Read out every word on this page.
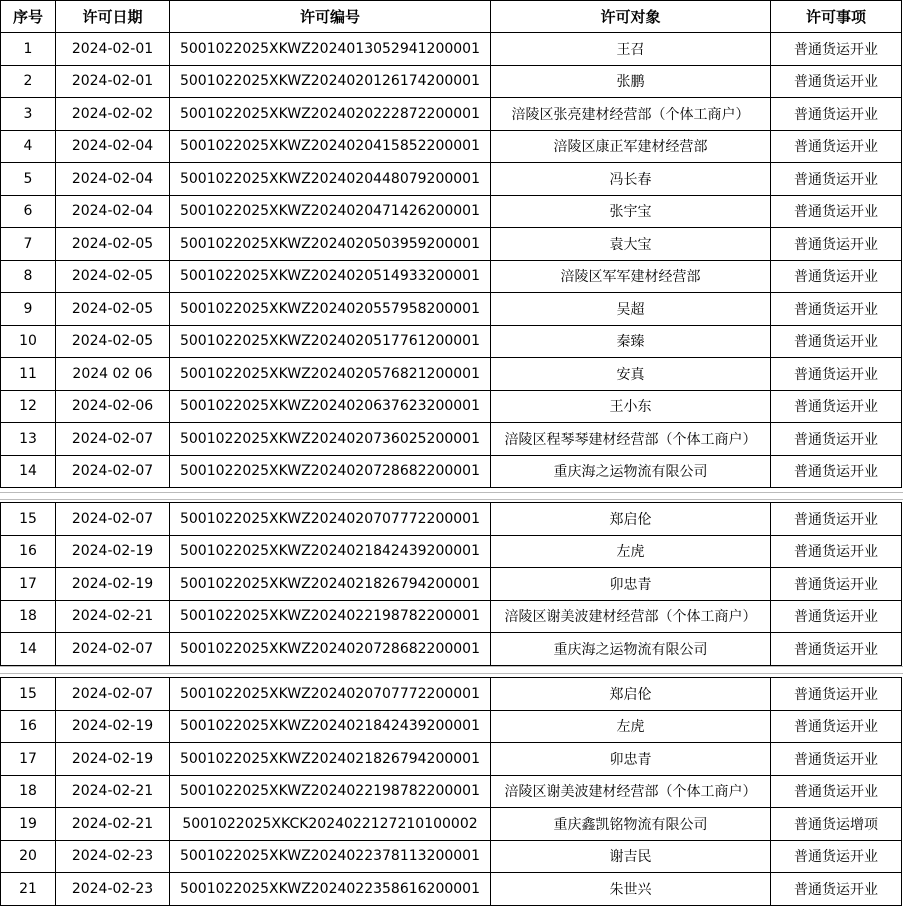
序号	许可日期	许可编号	许可对象	许可事项
1	2024-02-01	5001022025XKWZ2024013052941200001	王召	普通货运开业
2	2024-02-01	5001022025XKWZ2024020126174200001	张鹏	普通货运开业
3	2024-02-02	5001022025XKWZ2024020222872200001	涪陵区张亮建材经营部（个体工商户）	普通货运开业
4	2024-02-04	5001022025XKWZ2024020415852200001	涪陵区康正军建材经营部	普通货运开业
5	2024-02-04	5001022025XKWZ2024020448079200001	冯长春	普通货运开业
6	2024-02-04	5001022025XKWZ2024020471426200001	张宇宝	普通货运开业
7	2024-02-05	5001022025XKWZ2024020503959200001	袁大宝	普通货运开业
8	2024-02-05	5001022025XKWZ2024020514933200001	涪陵区军军建材经营部	普通货运开业
9	2024-02-05	5001022025XKWZ2024020557958200001	吴超	普通货运开业
10	2024-02-05	5001022025XKWZ2024020517761200001	秦臻	普通货运开业
11	2024 02 06	5001022025XKWZ2024020576821200001	安真	普通货运开业
12	2024-02-06	5001022025XKWZ2024020637623200001	王小东	普通货运开业
13	2024-02-07	5001022025XKWZ2024020736025200001	涪陵区程琴琴建材经营部（个体工商户）	普通货运开业
14	2024-02-07	5001022025XKWZ2024020728682200001	重庆海之运物流有限公司	普通货运开业
15	2024-02-07	5001022025XKWZ2024020707772200001	郑启伦	普通货运开业
16	2024-02-19	5001022025XKWZ2024021842439200001	左虎	普通货运开业
17	2024-02-19	5001022025XKWZ2024021826794200001	卯忠青	普通货运开业
18	2024-02-21	5001022025XKWZ2024022198782200001	涪陵区谢美波建材经营部（个体工商户）	普通货运开业
14	2024-02-07	5001022025XKWZ2024020728682200001	重庆海之运物流有限公司	普通货运开业
15	2024-02-07	5001022025XKWZ2024020707772200001	郑启伦	普通货运开业
16	2024-02-19	5001022025XKWZ2024021842439200001	左虎	普通货运开业
17	2024-02-19	5001022025XKWZ2024021826794200001	卯忠青	普通货运开业
18	2024-02-21	5001022025XKWZ2024022198782200001	涪陵区谢美波建材经营部（个体工商户）	普通货运开业
19	2024-02-21	5001022025XKCK2024022127210100002	重庆鑫凯铭物流有限公司	普通货运增项
20	2024-02-23	5001022025XKWZ2024022378113200001	谢吉民	普通货运开业
21	2024-02-23	5001022025XKWZ2024022358616200001	朱世兴	普通货运开业
